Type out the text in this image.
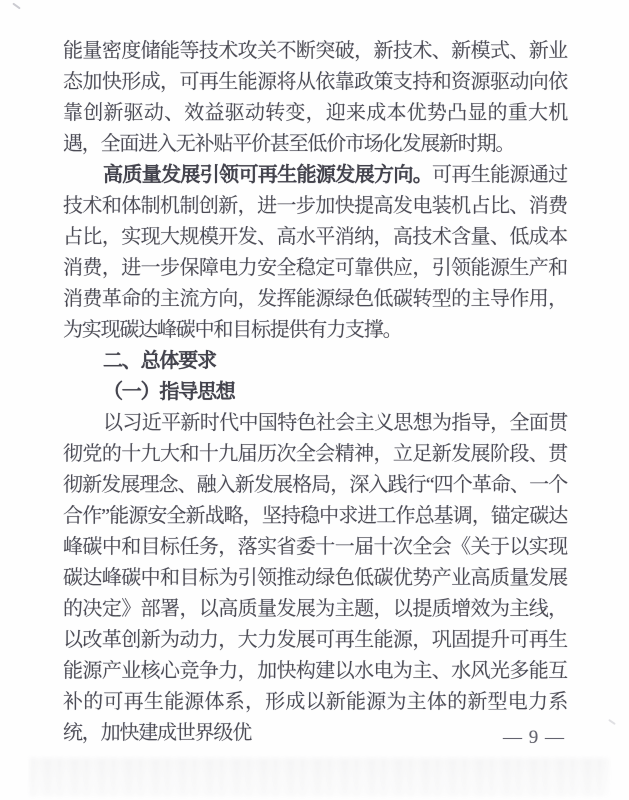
能量密度储能等技术攻关不断突破，新技术、新模式、新业态加快形成，可再生能源将从依靠政策支持和资源驱动向依靠创新驱动、效益驱动转变，迎来成本优势凸显的重大机遇，全面进入无补贴平价甚至低价市场化发展新时期。

高质量发展引领可再生能源发展方向。可再生能源通过技术和体制机制创新，进一步加快提高发电装机占比、消费占比，实现大规模开发、高水平消纳，高技术含量、低成本消费，进一步保障电力安全稳定可靠供应，引领能源生产和消费革命的主流方向，发挥能源绿色低碳转型的主导作用，为实现碳达峰碳中和目标提供有力支撑。

二、总体要求

（一）指导思想

以习近平新时代中国特色社会主义思想为指导，全面贯彻党的十九大和十九届历次全会精神，立足新发展阶段、贯彻新发展理念、融入新发展格局，深入践行“四个革命、一个合作”能源安全新战略，坚持稳中求进工作总基调，锚定碳达峰碳中和目标任务，落实省委十一届十次全会《关于以实现碳达峰碳中和目标为引领推动绿色低碳优势产业高质量发展的决定》部署，以高质量发展为主题，以提质增效为主线，以改革创新为动力，大力发展可再生能源，巩固提升可再生能源产业核心竞争力，加快构建以水电为主、水风光多能互补的可再生能源体系，形成以新能源为主体的新型电力系统，加快建成世界级优	— 9 —
